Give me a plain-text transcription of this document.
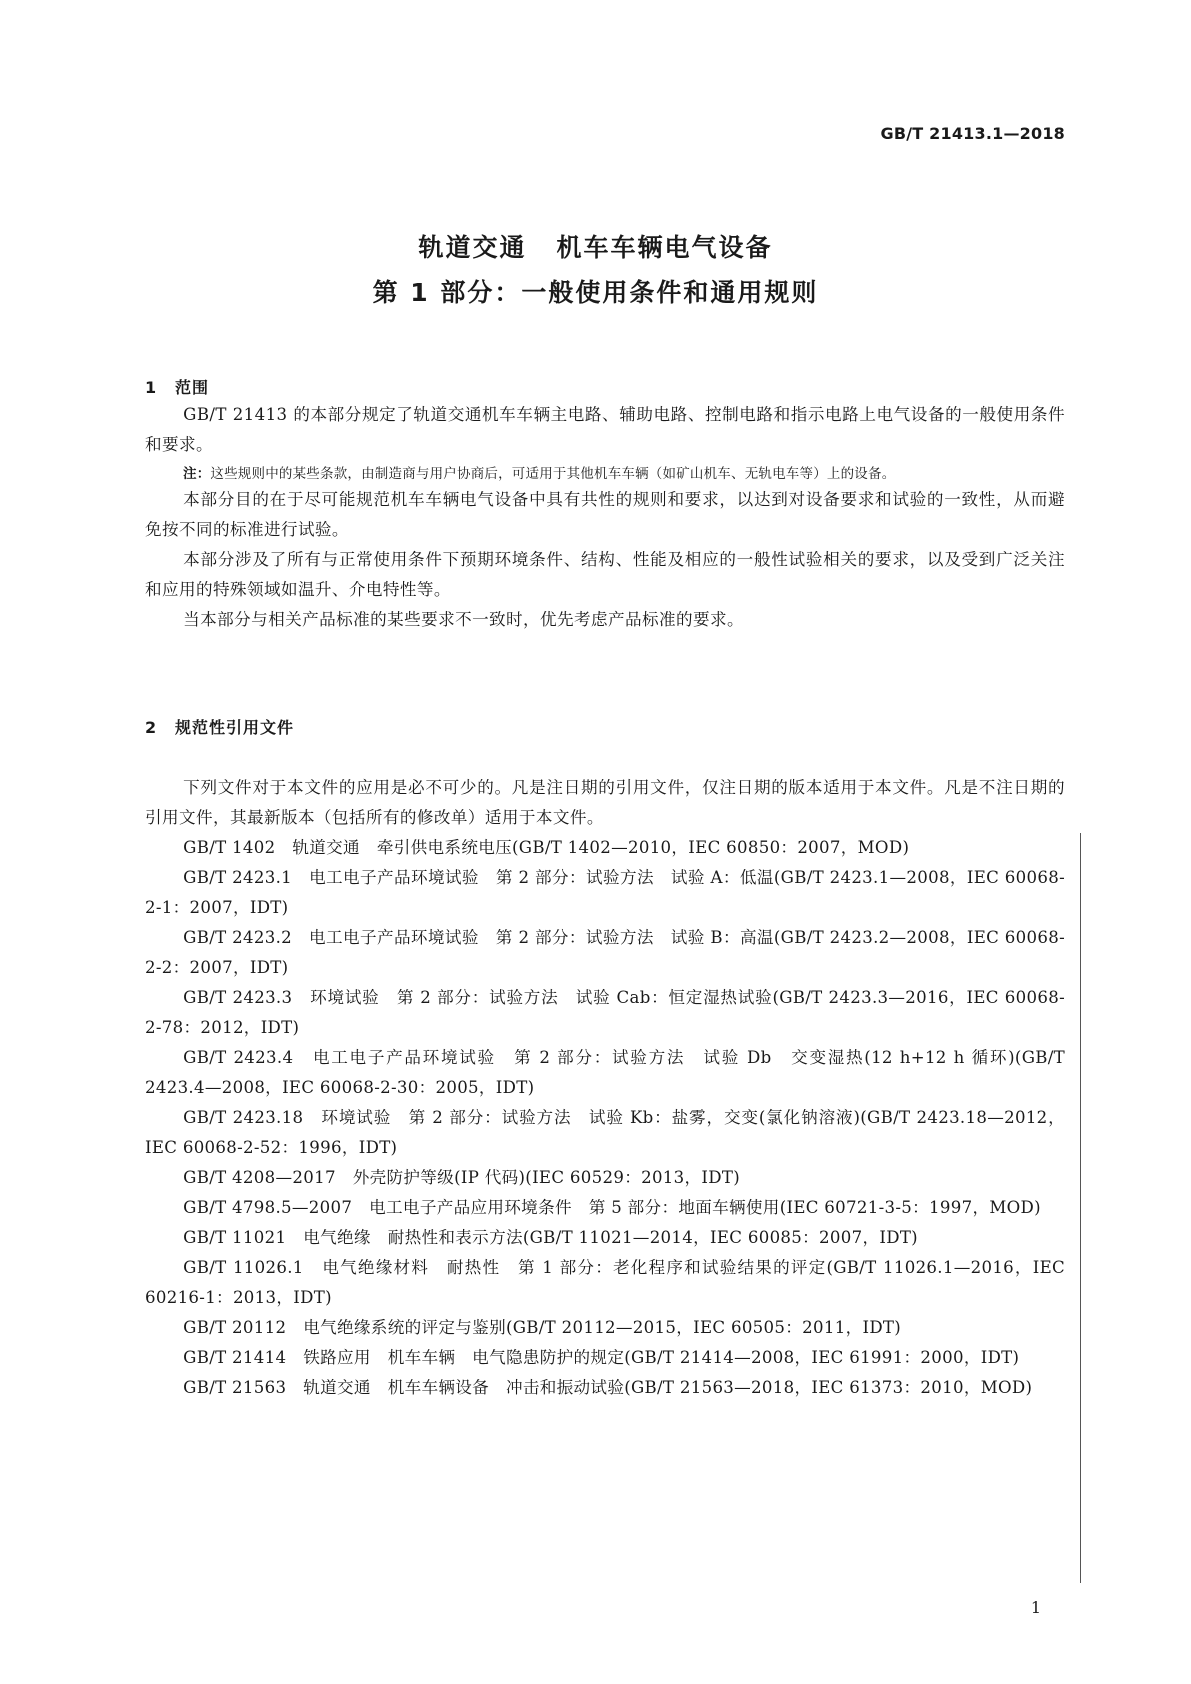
GB/T 21413.1—2018
轨道交通 机车车辆电气设备
第 1 部分：一般使用条件和通用规则
1 范围

GB/T 21413 的本部分规定了轨道交通机车车辆主电路、辅助电路、控制电路和指示电路上电气设备的一般使用条件和要求。

注：这些规则中的某些条款，由制造商与用户协商后，可适用于其他机车车辆（如矿山机车、无轨电车等）上的设备。

本部分目的在于尽可能规范机车车辆电气设备中具有共性的规则和要求，以达到对设备要求和试验的一致性，从而避免按不同的标准进行试验。

本部分涉及了所有与正常使用条件下预期环境条件、结构、性能及相应的一般性试验相关的要求，以及受到广泛关注和应用的特殊领域如温升、介电特性等。

当本部分与相关产品标准的某些要求不一致时，优先考虑产品标准的要求。

2 规范性引用文件

下列文件对于本文件的应用是必不可少的。凡是注日期的引用文件，仅注日期的版本适用于本文件。凡是不注日期的引用文件，其最新版本（包括所有的修改单）适用于本文件。

GB/T 1402　轨道交通　牵引供电系统电压(GB/T 1402—2010，IEC 60850：2007，MOD)

GB/T 2423.1　电工电子产品环境试验　第 2 部分：试验方法　试验 A：低温(GB/T 2423.1—2008，IEC 60068-2-1：2007，IDT)

GB/T 2423.2　电工电子产品环境试验　第 2 部分：试验方法　试验 B：高温(GB/T 2423.2—2008，IEC 60068-2-2：2007，IDT)

GB/T 2423.3　环境试验　第 2 部分：试验方法　试验 Cab：恒定湿热试验(GB/T 2423.3—2016，IEC 60068-2-78：2012，IDT)

GB/T 2423.4　电工电子产品环境试验　第 2 部分：试验方法　试验 Db　交变湿热(12 h+12 h 循环)(GB/T 2423.4—2008，IEC 60068-2-30：2005，IDT)

GB/T 2423.18　环境试验　第 2 部分：试验方法　试验 Kb：盐雾，交变(氯化钠溶液)(GB/T 2423.18—2012，IEC 60068-2-52：1996，IDT)

GB/T 4208—2017　外壳防护等级(IP 代码)(IEC 60529：2013，IDT)

GB/T 4798.5—2007　电工电子产品应用环境条件　第 5 部分：地面车辆使用(IEC 60721-3-5：1997，MOD)

GB/T 11021　电气绝缘　耐热性和表示方法(GB/T 11021—2014，IEC 60085：2007，IDT)

GB/T 11026.1　电气绝缘材料　耐热性　第 1 部分：老化程序和试验结果的评定(GB/T 11026.1—2016，IEC 60216-1：2013，IDT)

GB/T 20112　电气绝缘系统的评定与鉴别(GB/T 20112—2015，IEC 60505：2011，IDT)

GB/T 21414　铁路应用　机车车辆　电气隐患防护的规定(GB/T 21414—2008，IEC 61991：2000，IDT)

GB/T 21563　轨道交通　机车车辆设备　冲击和振动试验(GB/T 21563—2018，IEC 61373：2010，MOD)

1
